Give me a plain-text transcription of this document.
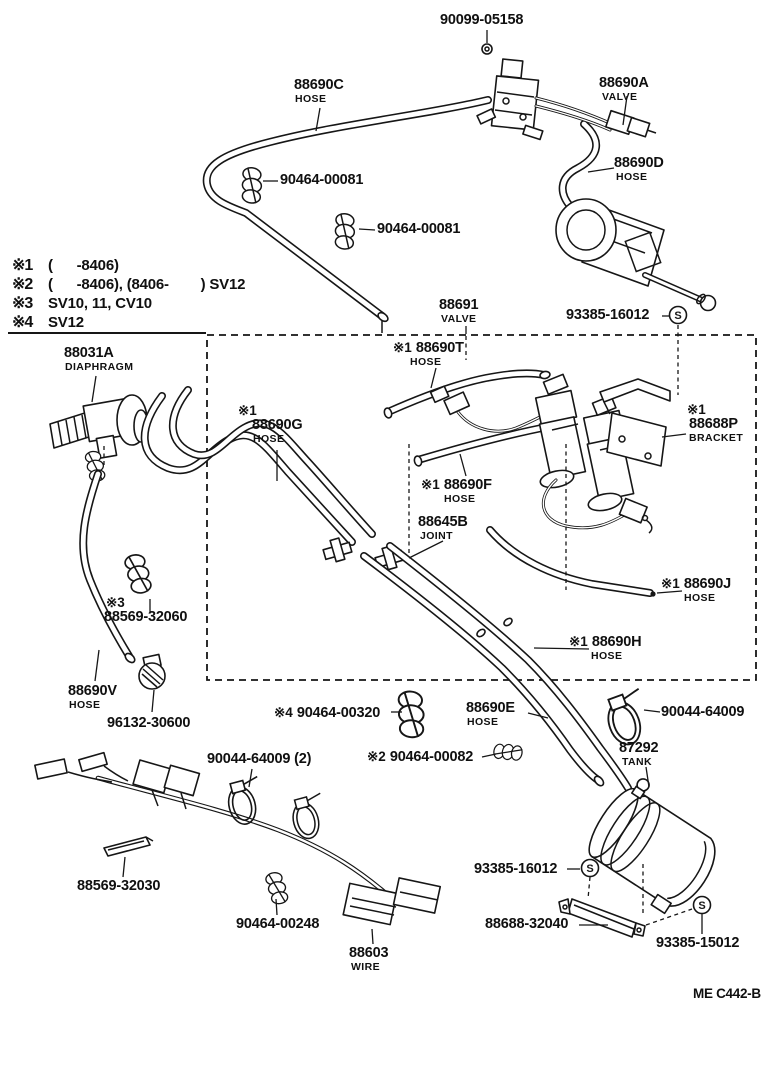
S
S
S
※1	(      -8406)
※2	(      -8406), (8406-        ) SV12
※3	SV10, 11, CV10
※4	SV12
90099-05158
88690C
HOSE
88690A
VALVE
88690D
HOSE
90464-00081
90464-00081
88691
VALVE	93385-16012
※1 88690T
HOSE
88031A
DIAPHRAGM
※1
88690G
HOSE
※1 88690F
HOSE
88645B
JOINT
※1
88688P
BRACKET
※1 88690J
HOSE
※1 88690H
HOSE
※3
88569-32060
88690V
HOSE
96132-30600
※4 90464-00320	88690E
HOSE
90044-64009
90044-64009 (2)	※2 90464-00082
87292
TANK
88569-32030
90464-00248
88603
WIRE
93385-16012
88688-32040
93385-15012
ME C442-B
